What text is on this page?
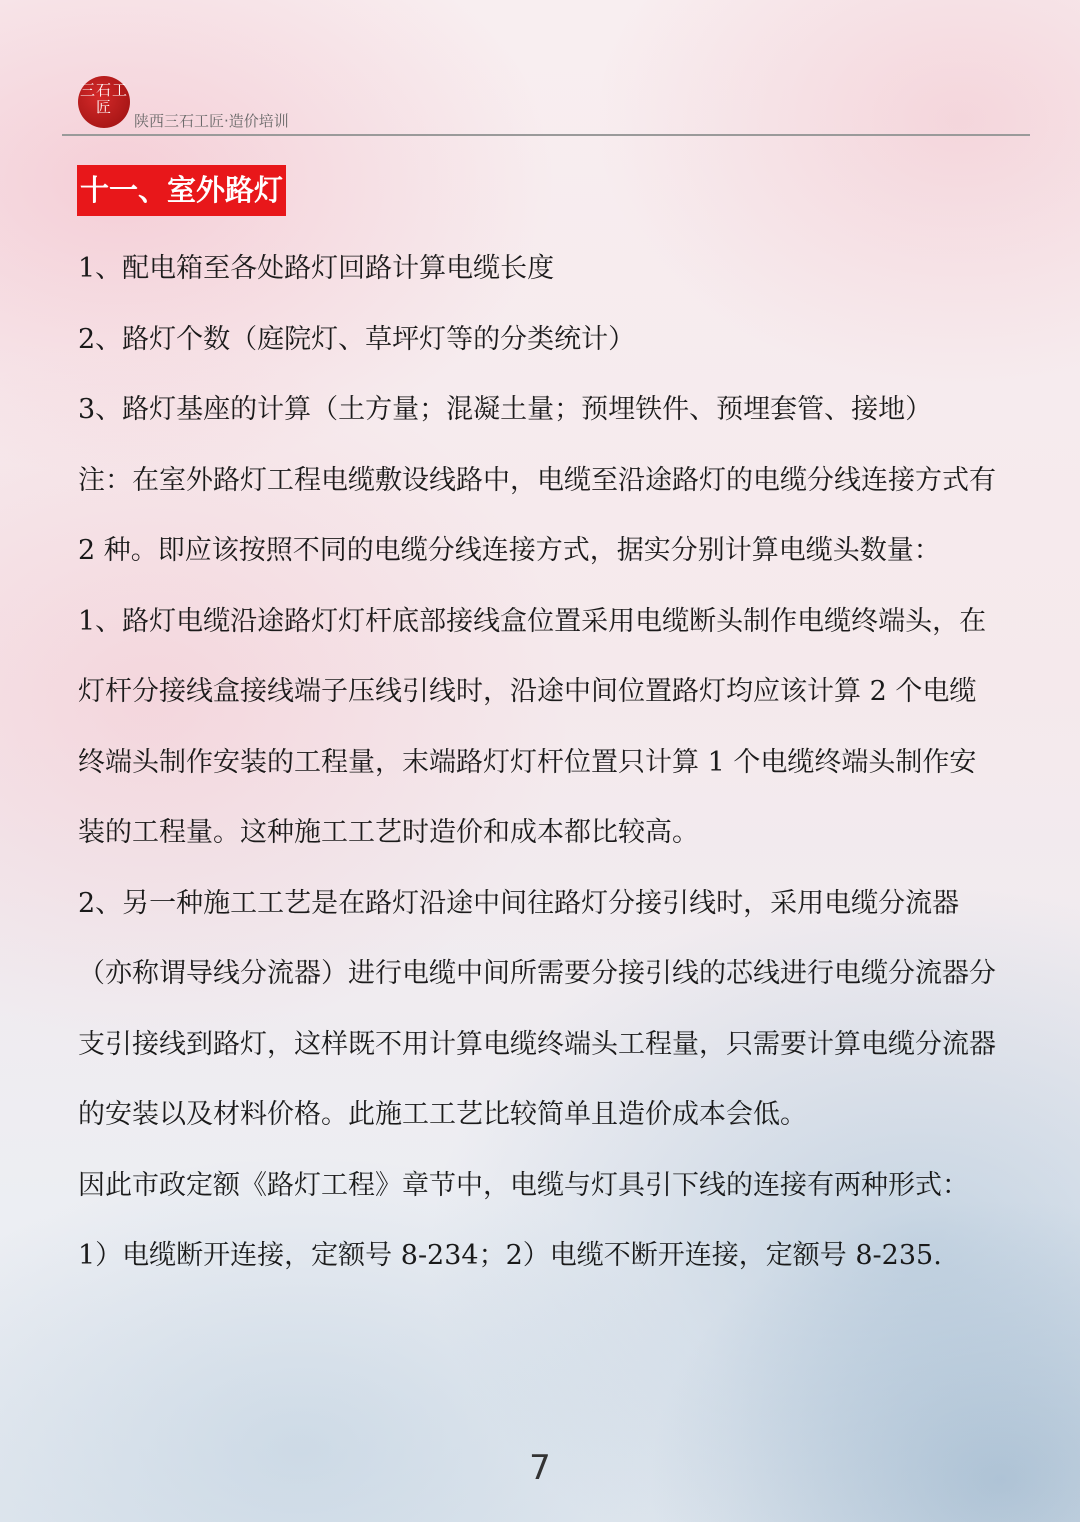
三石工匠
陕西三石工匠·造价培训
十一、室外路灯

1、配电箱至各处路灯回路计算电缆长度

2、路灯个数（庭院灯、草坪灯等的分类统计）

3、路灯基座的计算（土方量；混凝土量；预埋铁件、预埋套管、接地）

注：在室外路灯工程电缆敷设线路中，电缆至沿途路灯的电缆分线连接方式有 2 种。即应该按照不同的电缆分线连接方式，据实分别计算电缆头数量：

1、路灯电缆沿途路灯灯杆底部接线盒位置采用电缆断头制作电缆终端头，在灯杆分接线盒接线端子压线引线时，沿途中间位置路灯均应该计算 2 个电缆终端头制作安装的工程量，末端路灯灯杆位置只计算 1 个电缆终端头制作安装的工程量。这种施工工艺时造价和成本都比较高。

2、另一种施工工艺是在路灯沿途中间往路灯分接引线时，采用电缆分流器（亦称谓导线分流器）进行电缆中间所需要分接引线的芯线进行电缆分流器分支引接线到路灯，这样既不用计算电缆终端头工程量，只需要计算电缆分流器的安装以及材料价格。此施工工艺比较简单且造价成本会低。

因此市政定额《路灯工程》章节中，电缆与灯具引下线的连接有两种形式：

1）电缆断开连接，定额号 8-234；2）电缆不断开连接，定额号 8-235.

7
